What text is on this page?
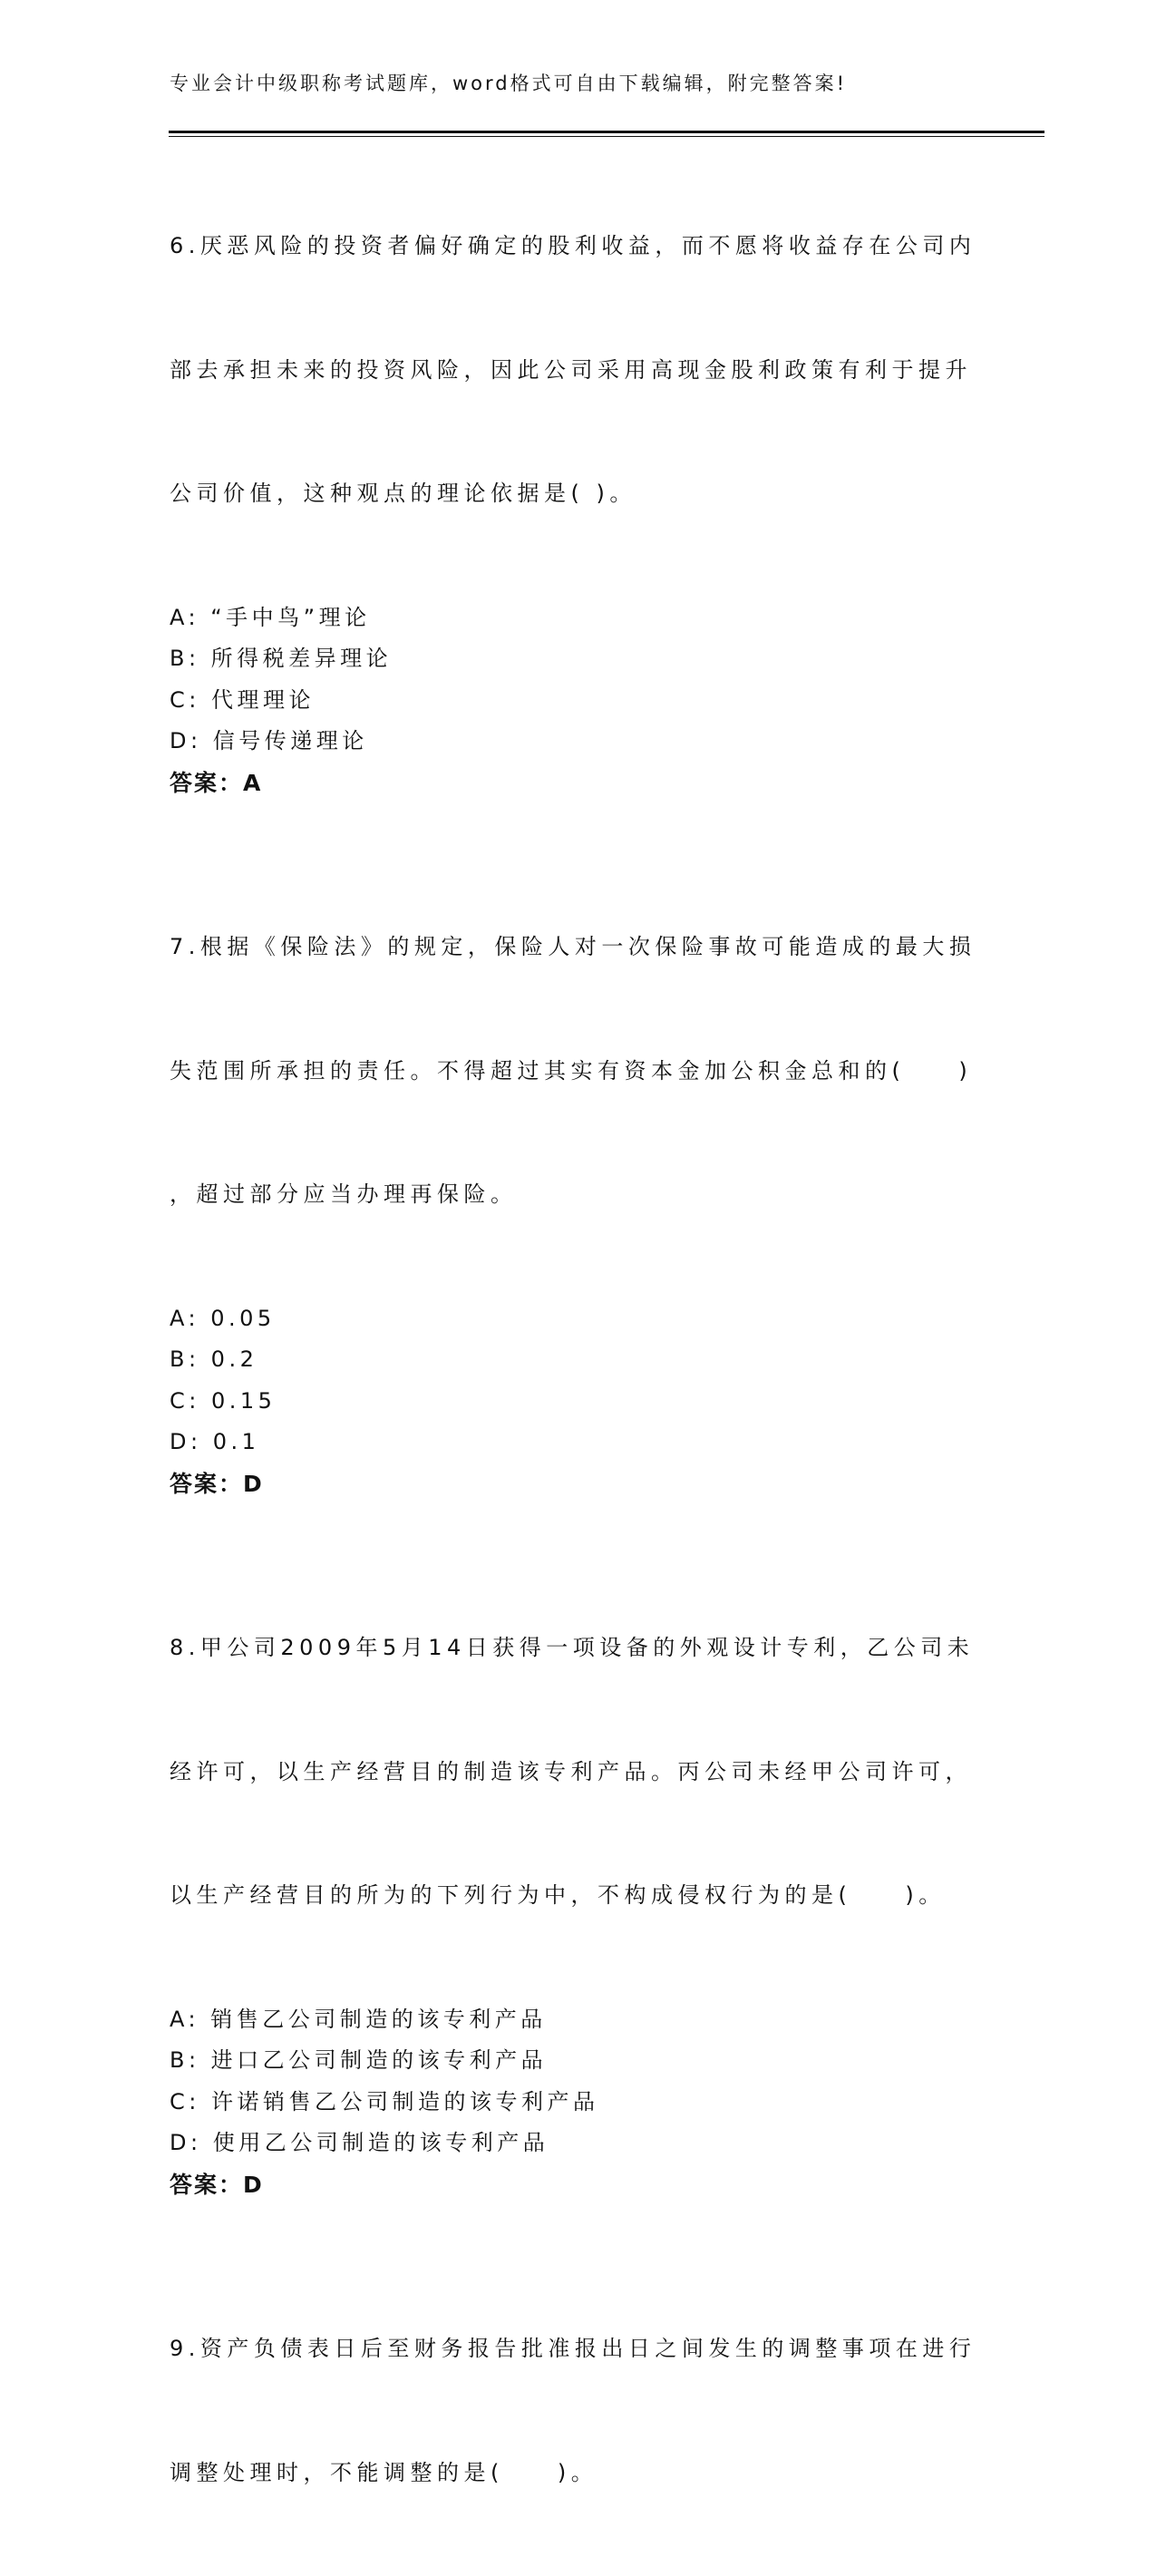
专业会计中级职称考试题库，word格式可自由下载编辑，附完整答案!

6.厌恶风险的投资者偏好确定的股利收益，而不愿将收益存在公司内

部去承担未来的投资风险，因此公司采用高现金股利政策有利于提升

公司价值，这种观点的理论依据是( )。

A: “手中鸟”理论
B: 所得税差异理论
C: 代理理论
D: 信号传递理论
答案：A

7.根据《保险法》的规定，保险人对一次保险事故可能造成的最大损

失范围所承担的责任。不得超过其实有资本金加公积金总和的(　　)

，超过部分应当办理再保险。

A: 0.05
B: 0.2
C: 0.15
D: 0.1
答案：D

8.甲公司2009年5月14日获得一项设备的外观设计专利，乙公司未

经许可，以生产经营目的制造该专利产品。丙公司未经甲公司许可，

以生产经营目的所为的下列行为中，不构成侵权行为的是(　　)。

A: 销售乙公司制造的该专利产品
B: 进口乙公司制造的该专利产品
C: 许诺销售乙公司制造的该专利产品
D: 使用乙公司制造的该专利产品
答案：D

9.资产负债表日后至财务报告批准报出日之间发生的调整事项在进行

调整处理时，不能调整的是(　　)。
